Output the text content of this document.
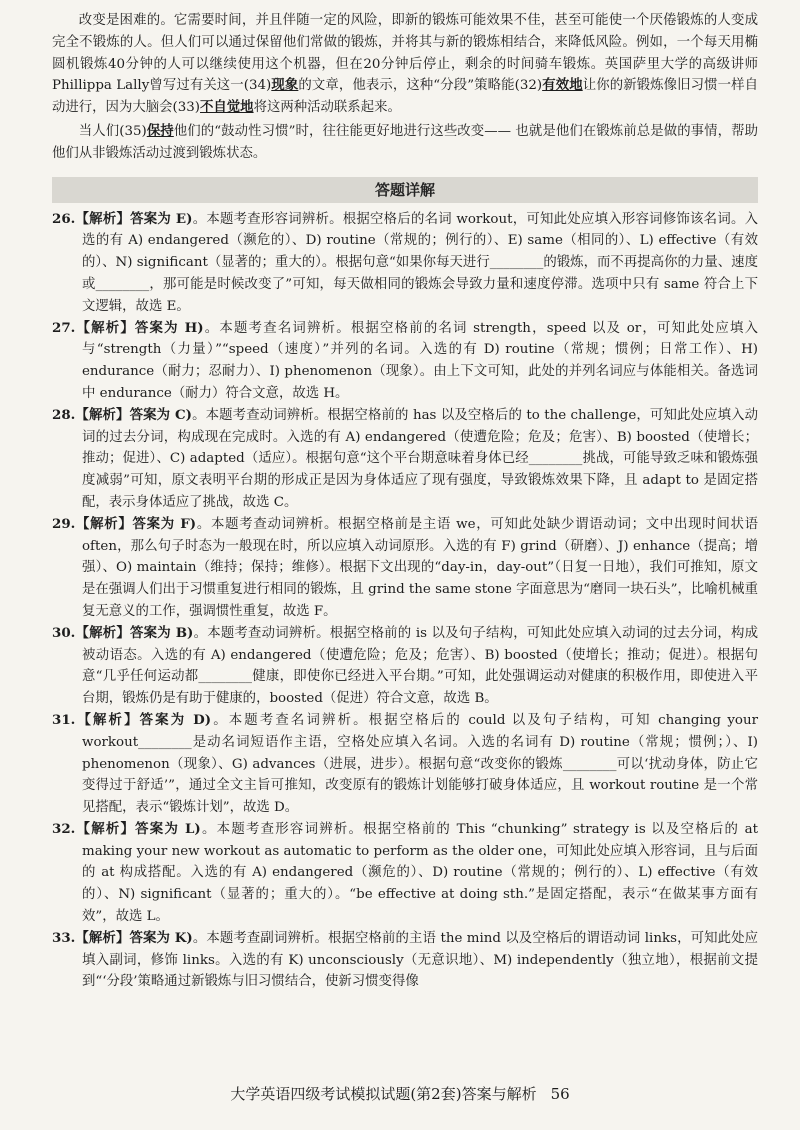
改变是困难的。它需要时间，并且伴随一定的风险，即新的锻炼可能效果不佳，甚至可能使一个厌倦锻炼的人变成完全不锻炼的人。但人们可以通过保留他们常做的锻炼，并将其与新的锻炼相结合，来降低风险。例如，一个每天用椭圆机锻炼40分钟的人可以继续使用这个机器，但在20分钟后停止，剩余的时间骑车锻炼。英国萨里大学的高级讲师Phillippa Lally曾写过有关这一(34)现象的文章，他表示，这种“分段”策略能(32)有效地让你的新锻炼像旧习惯一样自动进行，因为大脑会(33)不自觉地将这两种活动联系起来。

当人们(35)保持他们的“鼓动性习惯”时，往往能更好地进行这些改变—— 也就是他们在锻炼前总是做的事情，帮助他们从非锻炼活动过渡到锻炼状态。

答题详解

26.【解析】答案为 E)。本题考查形容词辨析。根据空格后的名词 workout，可知此处应填入形容词修饰该名词。入选的有 A) endangered（濒危的）、D) routine（常规的；例行的）、E) same（相同的）、L) effective（有效的）、N) significant（显著的；重大的）。根据句意“如果你每天进行________的锻炼，而不再提高你的力量、速度或________，那可能是时候改变了”可知，每天做相同的锻炼会导致力量和速度停滞。选项中只有 same 符合上下文逻辑，故选 E。

27.【解析】答案为 H)。本题考查名词辨析。根据空格前的名词 strength，speed 以及 or，可知此处应填入与“strength（力量）”“speed（速度）”并列的名词。入选的有 D) routine（常规；惯例；日常工作）、H) endurance（耐力；忍耐力）、I) phenomenon（现象）。由上下文可知，此处的并列名词应与体能相关。备选词中 endurance（耐力）符合文意，故选 H。

28.【解析】答案为 C)。本题考查动词辨析。根据空格前的 has 以及空格后的 to the challenge，可知此处应填入动词的过去分词，构成现在完成时。入选的有 A) endangered（使遭危险；危及；危害）、B) boosted（使增长；推动；促进）、C) adapted（适应）。根据句意“这个平台期意味着身体已经________挑战，可能导致乏味和锻炼强度减弱”可知，原文表明平台期的形成正是因为身体适应了现有强度，导致锻炼效果下降，且 adapt to 是固定搭配，表示身体适应了挑战，故选 C。

29.【解析】答案为 F)。本题考查动词辨析。根据空格前是主语 we，可知此处缺少谓语动词；文中出现时间状语 often，那么句子时态为一般现在时，所以应填入动词原形。入选的有 F) grind（研磨）、J) enhance（提高；增强）、O) maintain（维持；保持；维修）。根据下文出现的“day-in，day-out”（日复一日地），我们可推知，原文是在强调人们出于习惯重复进行相同的锻炼，且 grind the same stone 字面意思为“磨同一块石头”，比喻机械重复无意义的工作，强调惯性重复，故选 F。

30.【解析】答案为 B)。本题考查动词辨析。根据空格前的 is 以及句子结构，可知此处应填入动词的过去分词，构成被动语态。入选的有 A) endangered（使遭危险；危及；危害）、B) boosted（使增长；推动；促进）。根据句意“几乎任何运动都________健康，即使你已经进入平台期。”可知，此处强调运动对健康的积极作用，即使进入平台期，锻炼仍是有助于健康的，boosted（促进）符合文意，故选 B。

31.【解析】答案为 D)。本题考查名词辨析。根据空格后的 could 以及句子结构，可知 changing your workout________是动名词短语作主语，空格处应填入名词。入选的名词有 D) routine（常规；惯例；）、I) phenomenon（现象）、G) advances（进展，进步）。根据句意“改变你的锻炼________可以‘扰动身体，防止它变得过于舒适’”，通过全文主旨可推知，改变原有的锻炼计划能够打破身体适应，且 workout routine 是一个常见搭配，表示“锻炼计划”，故选 D。

32.【解析】答案为 L)。本题考查形容词辨析。根据空格前的 This “chunking” strategy is 以及空格后的 at making your new workout as automatic to perform as the older one，可知此处应填入形容词，且与后面的 at 构成搭配。入选的有 A) endangered（濒危的）、D) routine（常规的；例行的）、L) effective（有效的）、N) significant（显著的；重大的）。“be effective at doing sth.”是固定搭配，表示“在做某事方面有效”，故选 L。

33.【解析】答案为 K)。本题考查副词辨析。根据空格前的主语 the mind 以及空格后的谓语动词 links，可知此处应填入副词，修饰 links。入选的有 K) unconsciously（无意识地）、M) independently（独立地），根据前文提到“‘分段’策略通过新锻炼与旧习惯结合，使新习惯变得像

大学英语四级考试模拟试题(第2套)答案与解析 56
